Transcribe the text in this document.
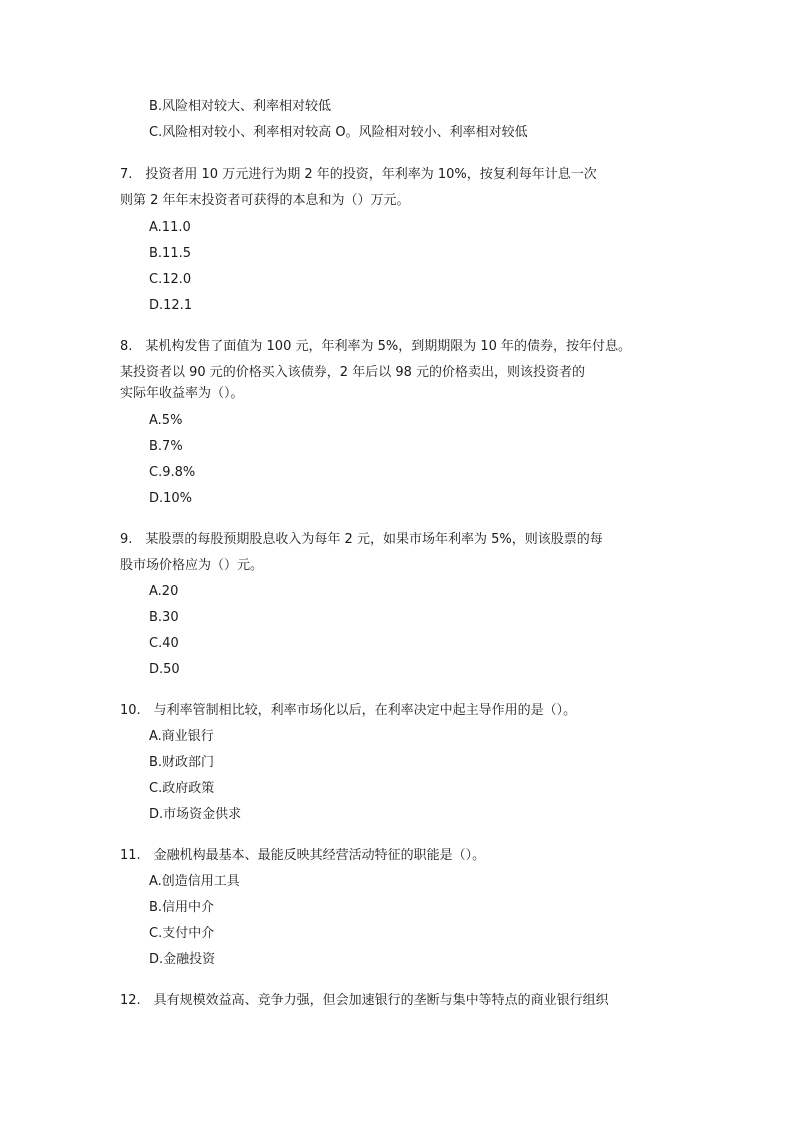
B.风险相对较大、利率相对较低
C.风险相对较小、利率相对较高 O。风险相对较小、利率相对较低
7.　投资者用 10 万元进行为期 2 年的投资，年利率为 10%，按复利每年计息一次
则第 2 年年末投资者可获得的本息和为（）万元。
A.11.0
B.11.5
C.12.0
D.12.1
8.　某机构发售了面值为 100 元，年利率为 5%，到期期限为 10 年的债券，按年付息。
某投资者以 90 元的价格买入该债券，2 年后以 98 元的价格卖出，则该投资者的
实际年收益率为（）。
A.5%
B.7%
C.9.8%
D.10%
9.　某股票的每股预期股息收入为每年 2 元，如果市场年利率为 5%，则该股票的每
股市场价格应为（）元。
A.20
B.30
C.40
D.50
10.　与利率管制相比较，利率市场化以后，在利率决定中起主导作用的是（）。
A.商业银行
B.财政部门
C.政府政策
D.市场资金供求
11.　金融机构最基本、最能反映其经营活动特征的职能是（）。
A.创造信用工具
B.信用中介
C.支付中介
D.金融投资
12.　具有规模效益高、竞争力强，但会加速银行的垄断与集中等特点的商业银行组织
